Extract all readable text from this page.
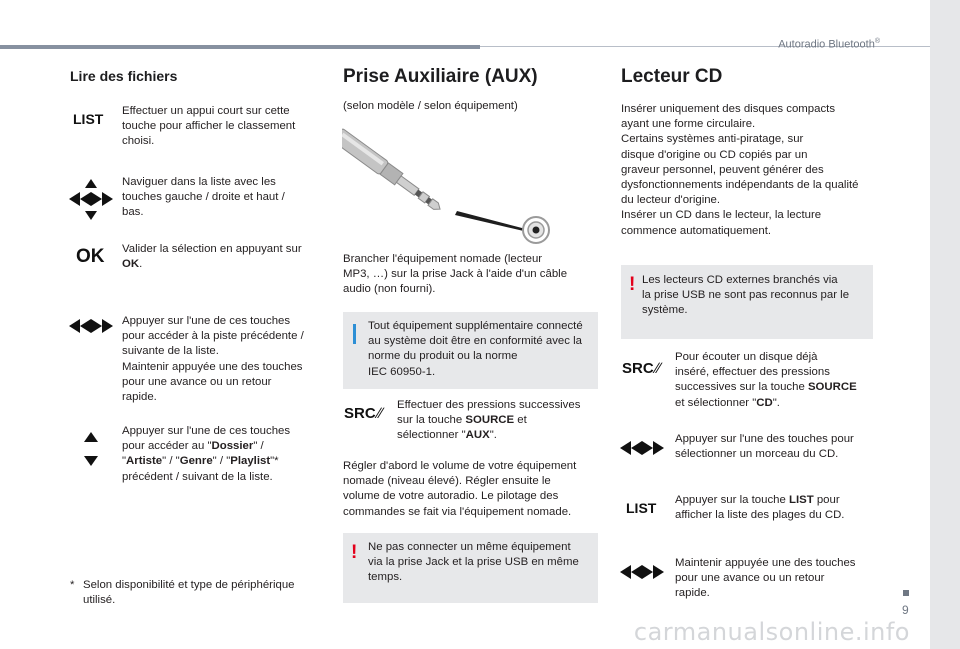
Autoradio Bluetooth®
9
Lire des fichiers
LIST Effectuer un appui court sur cette
touche pour afficher le classement
choisi.
Naviguer dans la liste avec les
touches gauche / droite et haut /
bas.
OK Valider la sélection en appuyant sur
OK.
Appuyer sur l'une de ces touches
pour accéder à la piste précédente /
suivante de la liste.
Maintenir appuyée une des touches
pour une avance ou un retour
rapide.
Appuyer sur l'une de ces touches
pour accéder au "Dossier" /
"Artiste" / "Genre" / "Playlist"*
précédent / suivant de la liste.
* Selon disponibilité et type de périphérique
utilisé.
Prise Auxiliaire (AUX)
(selon modèle / selon équipement)
Brancher l'équipement nomade (lecteur
MP3, …) sur la prise Jack à l'aide d'un câble
audio (non fourni).
Tout équipement supplémentaire connecté
au système doit être en conformité avec la
norme du produit ou la norme
IEC 60950-1.
SRC ∕∕ Effectuer des pressions successives
sur la touche SOURCE et
sélectionner "AUX".
Régler d'abord le volume de votre équipement
nomade (niveau élevé). Régler ensuite le
volume de votre autoradio. Le pilotage des
commandes se fait via l'équipement nomade.
! Ne pas connecter un même équipement
via la prise Jack et la prise USB en même
temps.
Lecteur CD
Insérer uniquement des disques compacts
ayant une forme circulaire.
Certains systèmes anti-piratage, sur
disque d'origine ou CD copiés par un
graveur personnel, peuvent générer des
dysfonctionnements indépendants de la qualité
du lecteur d'origine.
Insérer un CD dans le lecteur, la lecture
commence automatiquement.
! Les lecteurs CD externes branchés via
la prise USB ne sont pas reconnus par le
système.
SRC ∕∕
Pour écouter un disque déjà
inséré, effectuer des pressions
successives sur la touche SOURCE
et sélectionner "CD".
Appuyer sur l'une des touches pour
sélectionner un morceau du CD.
LIST Appuyer sur la touche LIST pour
afficher la liste des plages du CD.
Maintenir appuyée une des touches
pour une avance ou un retour
rapide.
carmanualsonline.info
